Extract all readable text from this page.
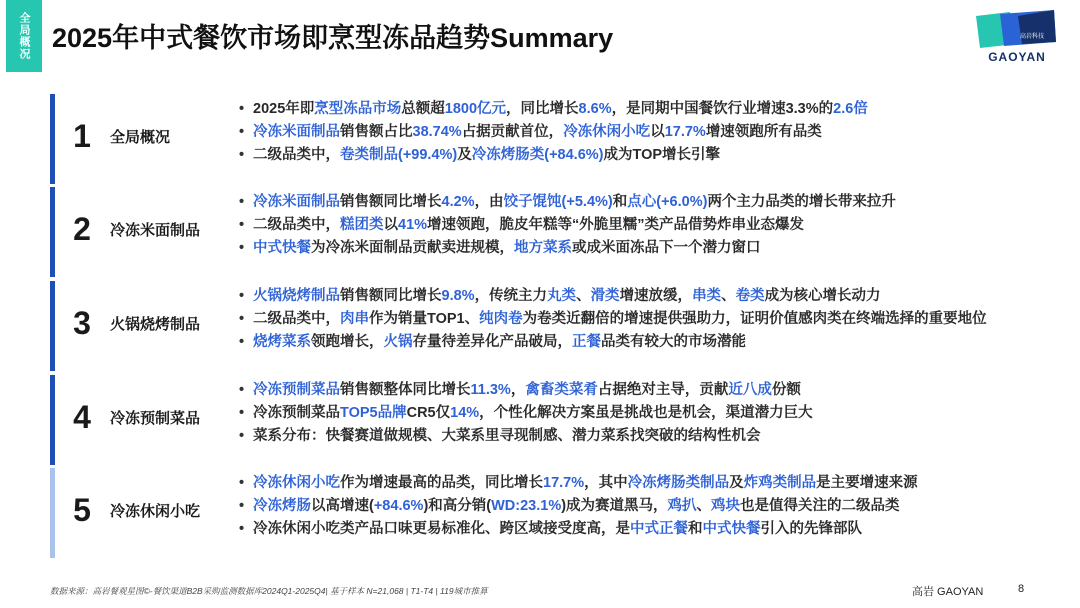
全局概况 2025年中式餐饮市场即烹型冻品趋势Summary	高岩科技
GAOYAN
1 全局概况
• 2025年即烹型冻品市场总额超1800亿元，同比增长8.6%，是同期中国餐饮行业增速3.3%的2.6倍
• 冷冻米面制品销售额占比38.74%占据贡献首位，冷冻休闲小吃以17.7%增速领跑所有品类
• 二级品类中，卷类制品(+99.4%)及冷冻烤肠类(+84.6%)成为TOP增长引擎
2 冷冻米面制品
• 冷冻米面制品销售额同比增长4.2%，由饺子馄饨(+5.4%)和点心(+6.0%)两个主力品类的增长带来拉升
• 二级品类中，糕团类以41%增速领跑，脆皮年糕等“外脆里糯”类产品借势炸串业态爆发
• 中式快餐为冷冻米面制品贡献卖进规模，地方菜系或成米面冻品下一个潜力窗口
3 火锅烧烤制品
• 火锅烧烤制品销售额同比增长9.8%，传统主力丸类、滑类增速放缓，串类、卷类成为核心增长动力
• 二级品类中，肉串作为销量TOP1、纯肉卷为卷类近翻倍的增速提供强助力，证明价值感肉类在终端选择的重要地位
• 烧烤菜系领跑增长，火锅存量待差异化产品破局，正餐品类有较大的市场潜能
4 冷冻预制菜品
• 冷冻预制菜品销售额整体同比增长11.3%，禽畜类菜肴占据绝对主导，贡献近八成份额
• 冷冻预制菜品TOP5品牌CR5仅14%，个性化解决方案虽是挑战也是机会，渠道潜力巨大
• 菜系分布：快餐赛道做规模、大菜系里寻现制感、潜力菜系找突破的结构性机会
5 冷冻休闲小吃
• 冷冻休闲小吃作为增速最高的品类，同比增长17.7%，其中冷冻烤肠类制品及炸鸡类制品是主要增速来源
• 冷冻烤肠以高增速(+84.6%)和高分销(WD:23.1%)成为赛道黑马，鸡扒、鸡块也是值得关注的二级品类
• 冷冻休闲小吃类产品口味更易标准化、跨区域接受度高，是中式正餐和中式快餐引入的先锋部队
数据来源：高岩餐观星图©-餐饮渠道B2B采购监测数据库2024Q1-2025Q4| 基于样本 N=21,068 | T1-T4 | 119城市推算	高岩 GAOYAN	8
